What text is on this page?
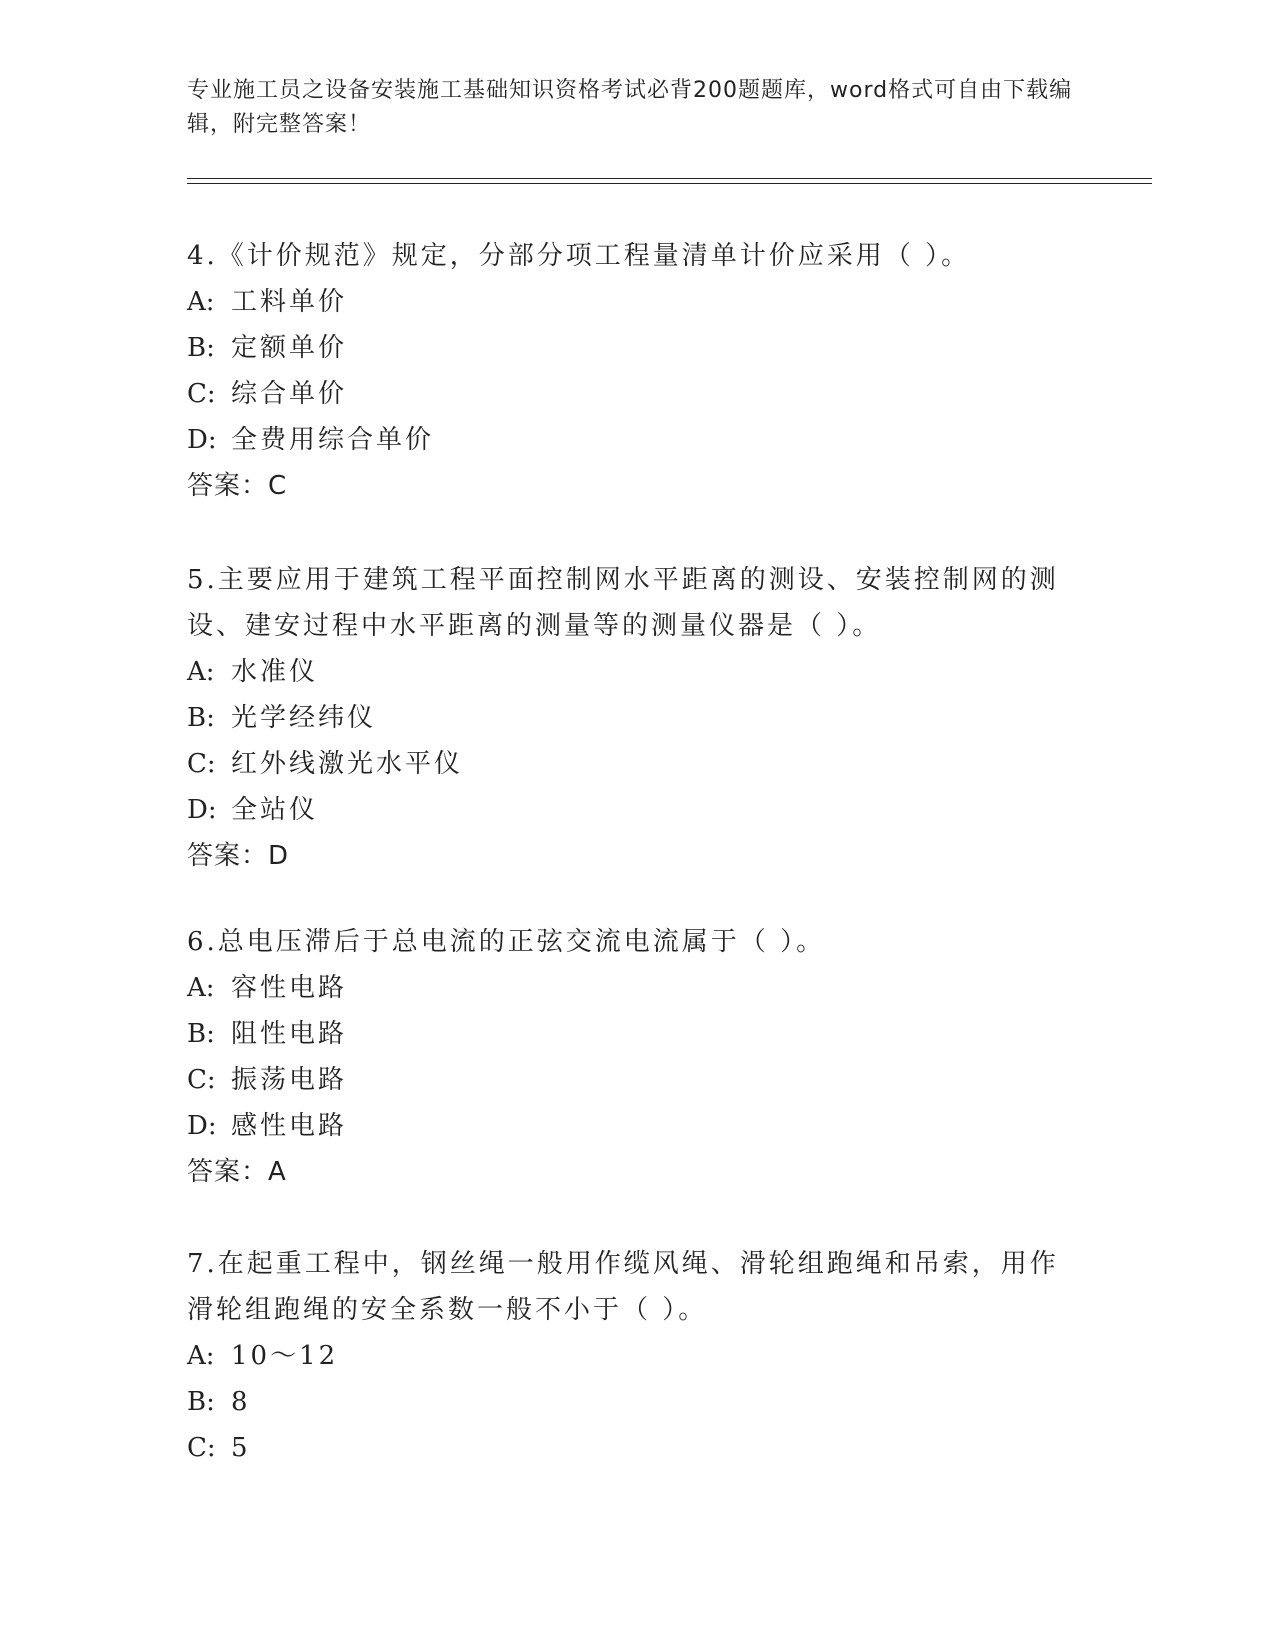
专业施工员之设备安装施工基础知识资格考试必背200题题库，word格式可自由下载编辑，附完整答案！

4.《计价规范》规定，分部分项工程量清单计价应采用（ ）。

A: 工料单价

B: 定额单价

C: 综合单价

D: 全费用综合单价

答案：C

5.主要应用于建筑工程平面控制网水平距离的测设、安装控制网的测设、建安过程中水平距离的测量等的测量仪器是（ ）。

A: 水准仪

B: 光学经纬仪

C: 红外线激光水平仪

D: 全站仪

答案：D

6.总电压滞后于总电流的正弦交流电流属于（ ）。

A: 容性电路

B: 阻性电路

C: 振荡电路

D: 感性电路

答案：A

7.在起重工程中，钢丝绳一般用作缆风绳、滑轮组跑绳和吊索，用作滑轮组跑绳的安全系数一般不小于（ ）。

A: 10～12

B: 8

C: 5
